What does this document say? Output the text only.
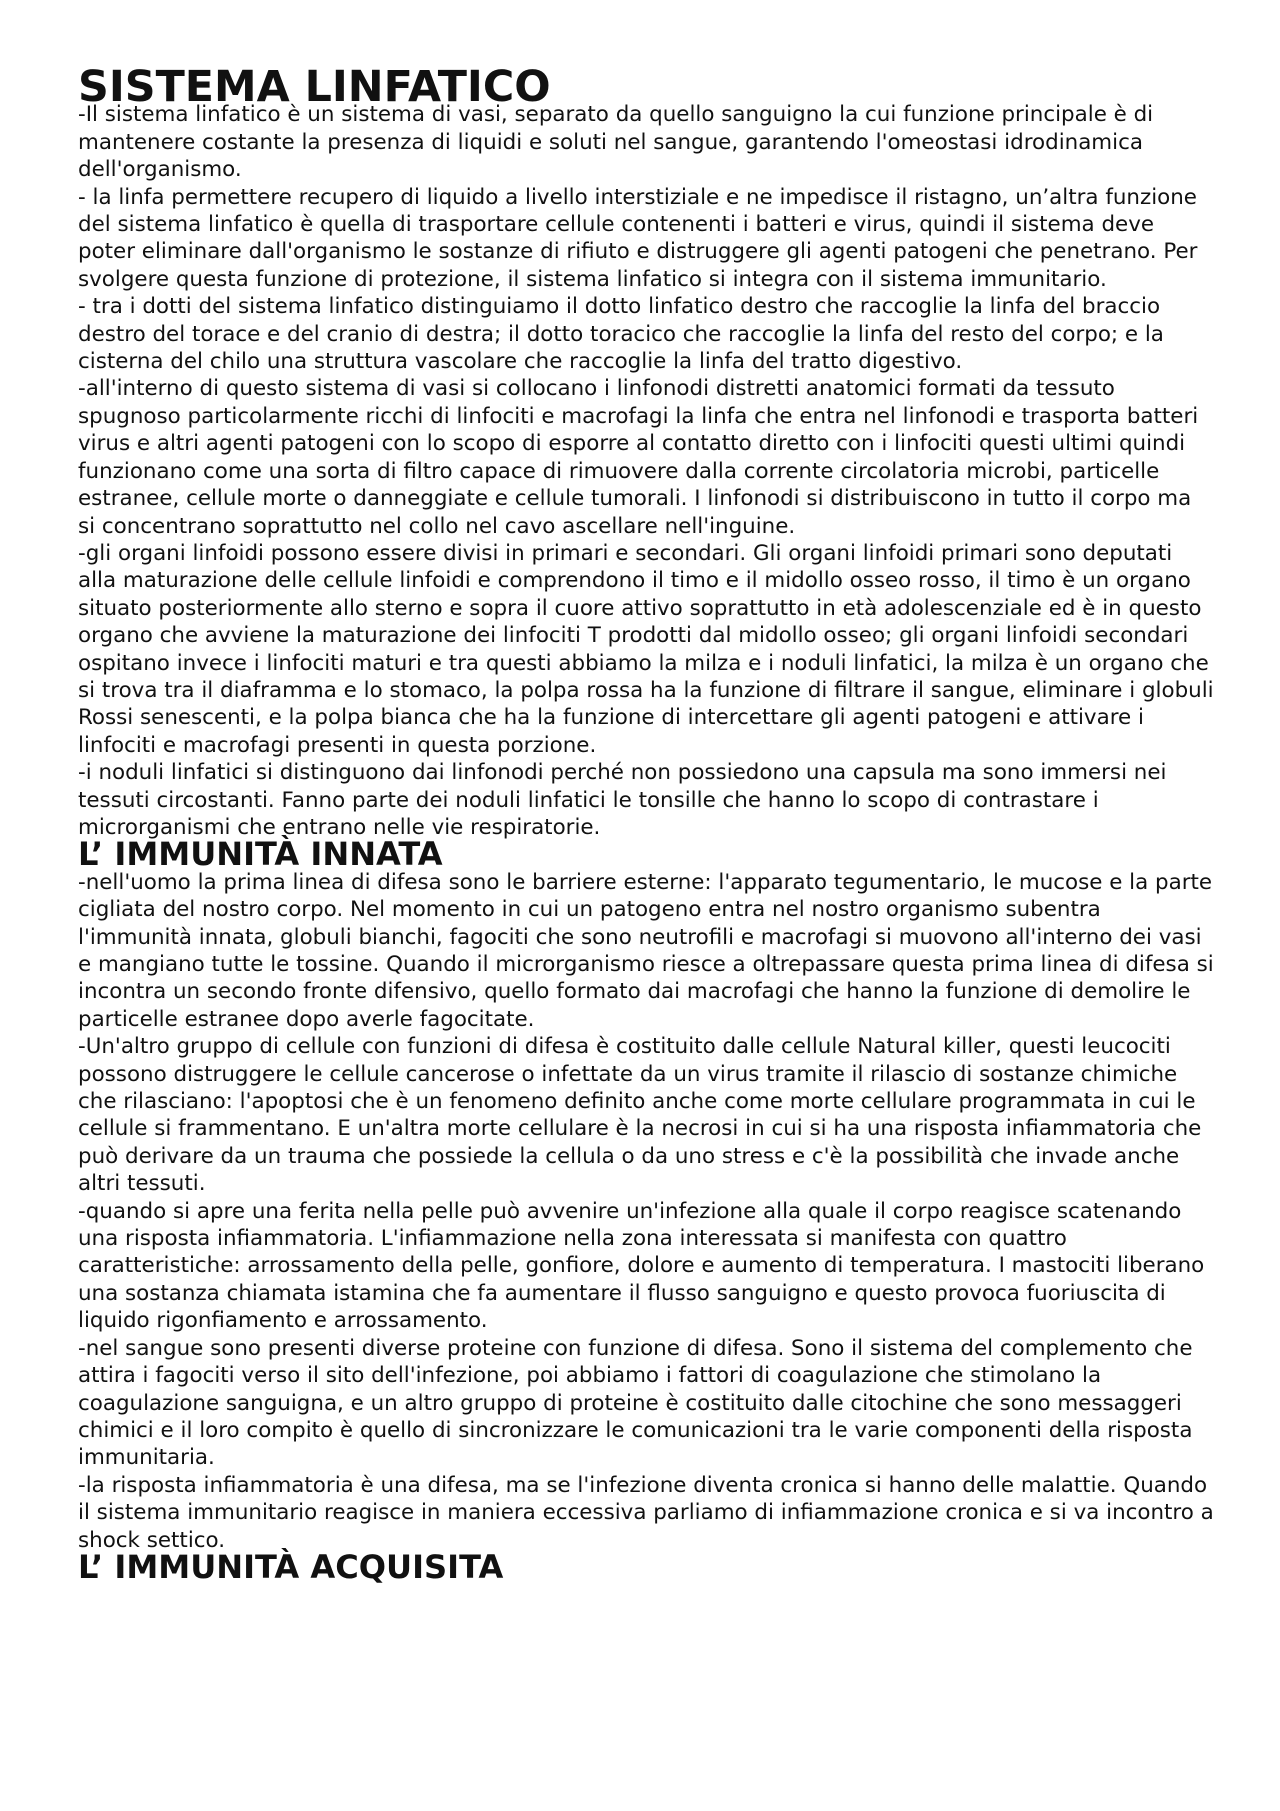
SISTEMA LINFATICO

-Il sistema linfatico è un sistema di vasi, separato da quello sanguigno la cui funzione principale è di mantenere costante la presenza di liquidi e soluti nel sangue, garantendo l'omeostasi idrodinamica dell'organismo.

- la linfa permettere recupero di liquido a livello interstiziale e ne impedisce il ristagno, un’altra funzione del sistema linfatico è quella di trasportare cellule contenenti i batteri e virus, quindi il sistema deve poter eliminare dall'organismo le sostanze di rifiuto e distruggere gli agenti patogeni che penetrano. Per svolgere questa funzione di protezione, il sistema linfatico si integra con il sistema immunitario.

- tra i dotti del sistema linfatico distinguiamo il dotto linfatico destro che raccoglie la linfa del braccio destro del torace e del cranio di destra; il dotto toracico che raccoglie la linfa del resto del corpo; e la cisterna del chilo una struttura vascolare che raccoglie la linfa del tratto digestivo.

-all'interno di questo sistema di vasi si collocano i linfonodi distretti anatomici formati da tessuto spugnoso particolarmente ricchi di linfociti e macrofagi la linfa che entra nel linfonodi e trasporta batteri virus e altri agenti patogeni con lo scopo di esporre al contatto diretto con i linfociti questi ultimi quindi funzionano come una sorta di filtro capace di rimuovere dalla corrente circolatoria microbi, particelle estranee, cellule morte o danneggiate e cellule tumorali. I linfonodi si distribuiscono in tutto il corpo ma si concentrano soprattutto nel collo nel cavo ascellare nell'inguine.

-gli organi linfoidi possono essere divisi in primari e secondari. Gli organi linfoidi primari sono deputati alla maturazione delle cellule linfoidi e comprendono il timo e il midollo osseo rosso, il timo è un organo situato posteriormente allo sterno e sopra il cuore attivo soprattutto in età adolescenziale ed è in questo organo che avviene la maturazione dei linfociti T prodotti dal midollo osseo; gli organi linfoidi secondari ospitano invece i linfociti maturi e tra questi abbiamo la milza e i noduli linfatici, la milza è un organo che si trova tra il diaframma e lo stomaco, la polpa rossa ha la funzione di filtrare il sangue, eliminare i globuli Rossi senescenti, e la polpa bianca che ha la funzione di intercettare gli agenti patogeni e attivare i linfociti e macrofagi presenti in questa porzione.

-i noduli linfatici si distinguono dai linfonodi perché non possiedono una capsula ma sono immersi nei tessuti circostanti. Fanno parte dei noduli linfatici le tonsille che hanno lo scopo di contrastare i microrganismi che entrano nelle vie respiratorie.

L’ IMMUNITÀ INNATA

-nell'uomo la prima linea di difesa sono le barriere esterne: l'apparato tegumentario, le mucose e la parte cigliata del nostro corpo. Nel momento in cui un patogeno entra nel nostro organismo subentra l'immunità innata, globuli bianchi, fagociti che sono neutrofili e macrofagi si muovono all'interno dei vasi e mangiano tutte le tossine. Quando il microrganismo riesce a oltrepassare questa prima linea di difesa si incontra un secondo fronte difensivo, quello formato dai macrofagi che hanno la funzione di demolire le particelle estranee dopo averle fagocitate.

-Un'altro gruppo di cellule con funzioni di difesa è costituito dalle cellule Natural killer, questi leucociti possono distruggere le cellule cancerose o infettate da un virus tramite il rilascio di sostanze chimiche che rilasciano: l'apoptosi che è un fenomeno definito anche come morte cellulare programmata in cui le cellule si frammentano. E un'altra morte cellulare è la necrosi in cui si ha una risposta infiammatoria che può derivare da un trauma che possiede la cellula o da uno stress e c'è la possibilità che invade anche altri tessuti.

-quando si apre una ferita nella pelle può avvenire un'infezione alla quale il corpo reagisce scatenando una risposta infiammatoria. L'infiammazione nella zona interessata si manifesta con quattro caratteristiche: arrossamento della pelle, gonfiore, dolore e aumento di temperatura. I mastociti liberano una sostanza chiamata istamina che fa aumentare il flusso sanguigno e questo provoca fuoriuscita di liquido rigonfiamento e arrossamento.

-nel sangue sono presenti diverse proteine con funzione di difesa. Sono il sistema del complemento che attira i fagociti verso il sito dell'infezione, poi abbiamo i fattori di coagulazione che stimolano la coagulazione sanguigna, e un altro gruppo di proteine è costituito dalle citochine che sono messaggeri chimici e il loro compito è quello di sincronizzare le comunicazioni tra le varie componenti della risposta immunitaria.

-la risposta infiammatoria è una difesa, ma se l'infezione diventa cronica si hanno delle malattie. Quando il sistema immunitario reagisce in maniera eccessiva parliamo di infiammazione cronica e si va incontro a shock settico.

L’ IMMUNITÀ ACQUISITA
